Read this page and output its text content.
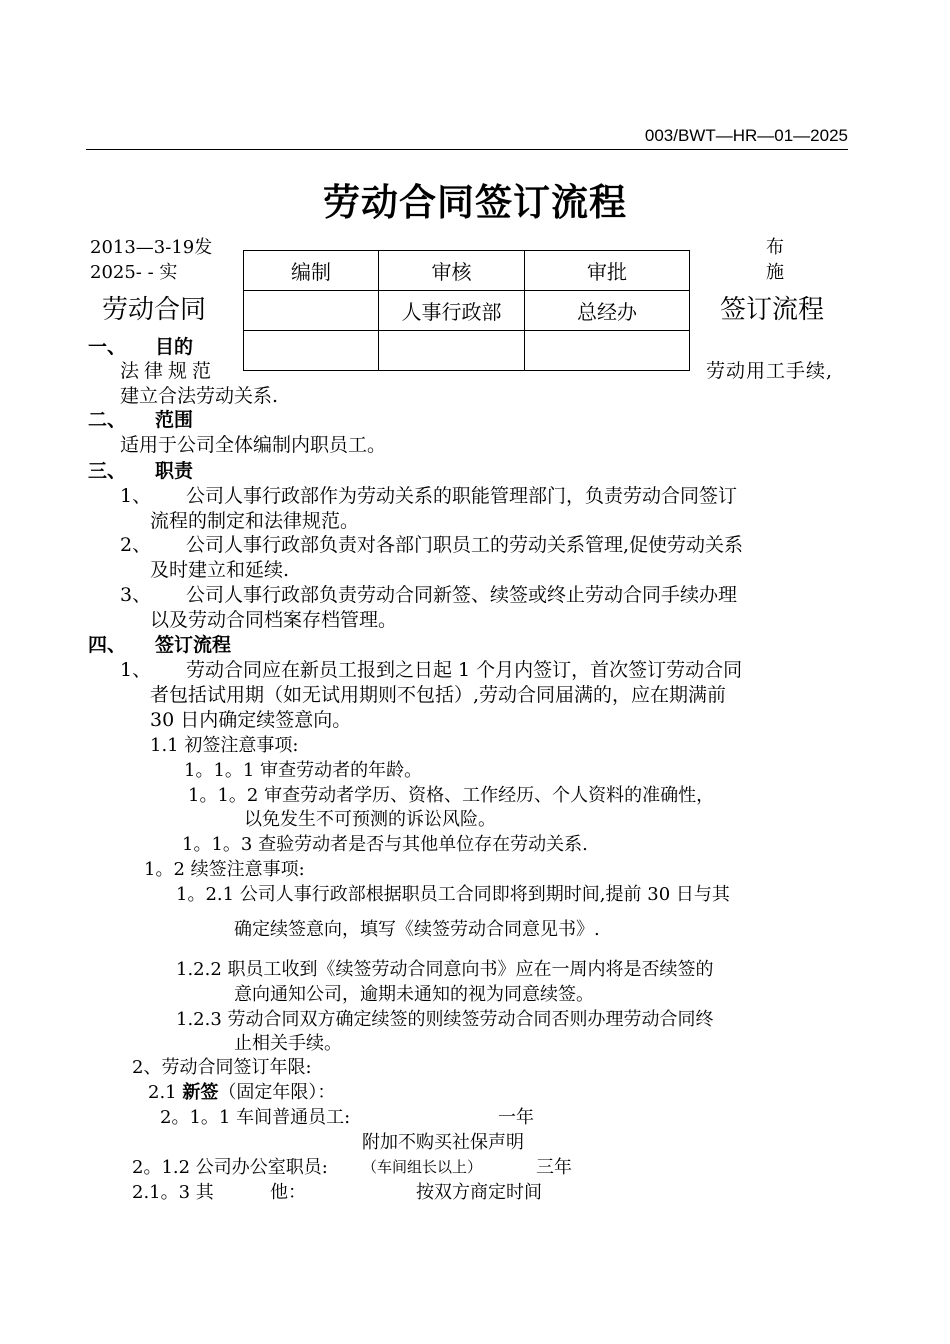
003/BWT—HR—01—2025
劳动合同签订流程
2013—3-19发	布
2025- - 实	施
劳动合同	签订流程
编制	审核	审批
	人事行政部	总经办

一、 目的
法律规范	劳动用工手续,
建立合法劳动关系.
二、 范围
适用于公司全体编制内职员工。
三、 职责
1、 公司人事行政部作为劳动关系的职能管理部门，负责劳动合同签订
流程的制定和法律规范。
2、 公司人事行政部负责对各部门职员工的劳动关系管理,促使劳动关系
及时建立和延续.
3、 公司人事行政部负责劳动合同新签、续签或终止劳动合同手续办理
以及劳动合同档案存档管理。
四、 签订流程
1、 劳动合同应在新员工报到之日起 1 个月内签订，首次签订劳动合同
者包括试用期（如无试用期则不包括）,劳动合同届满的，应在期满前
30 日内确定续签意向。
1.1 初签注意事项:
1。1。1 审查劳动者的年龄。
1。1。2 审查劳动者学历、资格、工作经历、个人资料的准确性，
以免发生不可预测的诉讼风险。
1。1。3 查验劳动者是否与其他单位存在劳动关系.
1。2 续签注意事项:
1。2.1 公司人事行政部根据职员工合同即将到期时间,提前 30 日与其
确定续签意向，填写《续签劳动合同意见书》.
1.2.2 职员工收到《续签劳动合同意向书》应在一周内将是否续签的
意向通知公司，逾期未通知的视为同意续签。
1.2.3 劳动合同双方确定续签的则续签劳动合同否则办理劳动合同终
止相关手续。
2、劳动合同签订年限:
2.1 新签（固定年限）：
2。1。1 车间普通员工:	一年
附加不购买社保声明
2。1.2 公司办公室职员: （车间组长以上）	三年
2.1。3 其	他：	按双方商定时间
